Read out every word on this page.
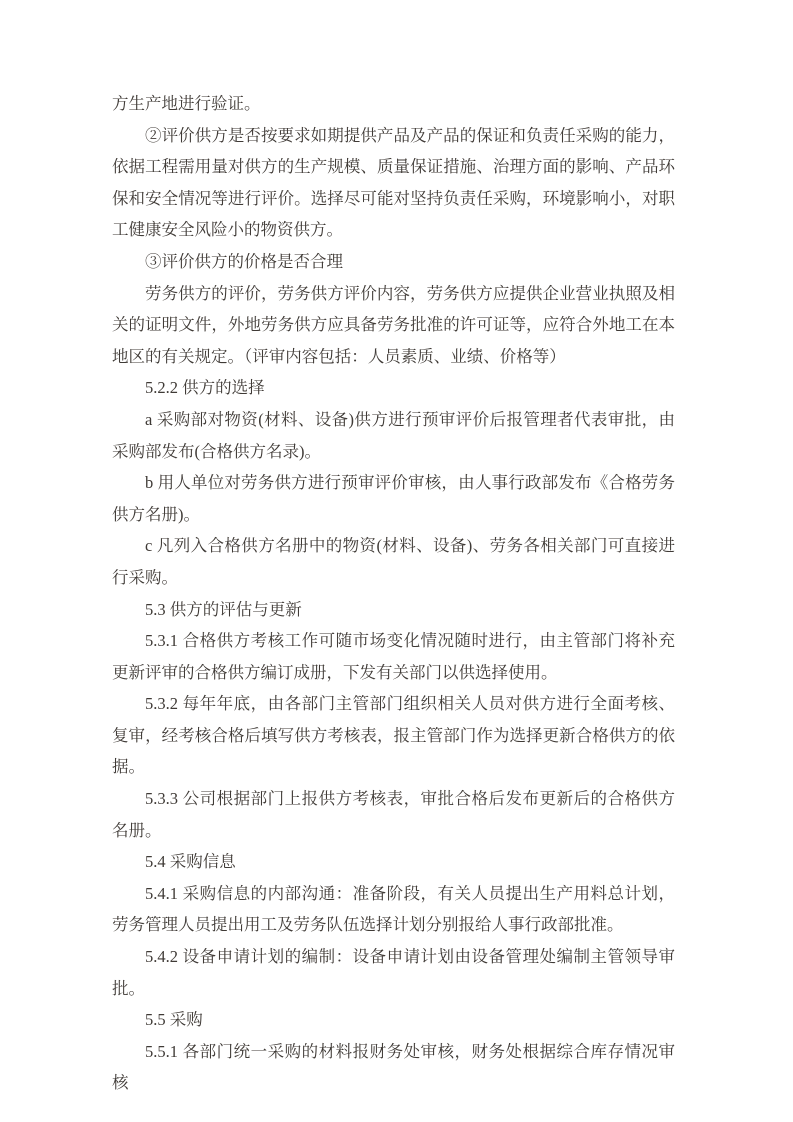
方生产地进行验证。

②评价供方是否按要求如期提供产品及产品的保证和负责任采购的能力，依据工程需用量对供方的生产规模、质量保证措施、治理方面的影响、产品环保和安全情况等进行评价。选择尽可能对坚持负责任采购，环境影响小，对职工健康安全风险小的物资供方。

③评价供方的价格是否合理

劳务供方的评价，劳务供方评价内容，劳务供方应提供企业营业执照及相关的证明文件，外地劳务供方应具备劳务批准的许可证等，应符合外地工在本地区的有关规定。（评审内容包括：人员素质、业绩、价格等）

5.2.2 供方的选择

a 采购部对物资(材料、设备)供方进行预审评价后报管理者代表审批，由采购部发布(合格供方名录)。

b 用人单位对劳务供方进行预审评价审核，由人事行政部发布《合格劳务供方名册)。

c 凡列入合格供方名册中的物资(材料、设备)、劳务各相关部门可直接进行采购。

5.3 供方的评估与更新

5.3.1 合格供方考核工作可随市场变化情况随时进行，由主管部门将补充更新评审的合格供方编订成册，下发有关部门以供选择使用。

5.3.2 每年年底，由各部门主管部门组织相关人员对供方进行全面考核、复审，经考核合格后填写供方考核表，报主管部门作为选择更新合格供方的依据。

5.3.3 公司根据部门上报供方考核表，审批合格后发布更新后的合格供方名册。

5.4 采购信息

5.4.1 采购信息的内部沟通：准备阶段，有关人员提出生产用料总计划，劳务管理人员提出用工及劳务队伍选择计划分别报给人事行政部批准。

5.4.2 设备申请计划的编制：设备申请计划由设备管理处编制主管领导审批。

5.5 采购

5.5.1 各部门统一采购的材料报财务处审核，财务处根据综合库存情况审核
